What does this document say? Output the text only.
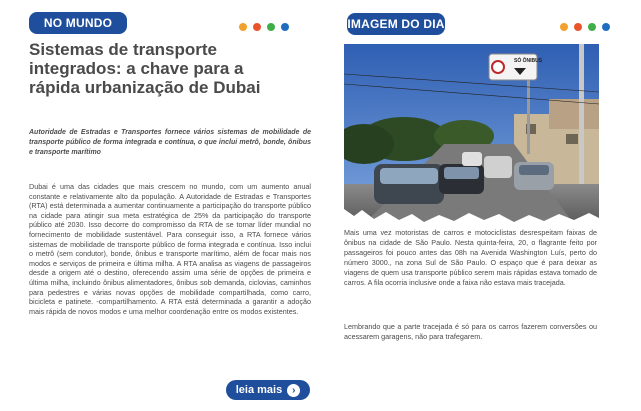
NO MUNDO
Sistemas de transporte integrados: a chave para a rápida urbanização de Dubai

Autoridade de Estradas e Transportes fornece vários sistemas de mobilidade de transporte público de forma integrada e contínua, o que inclui metrô, bonde, ônibus e transporte marítimo

Dubai é uma das cidades que mais crescem no mundo, com um aumento anual constante e relativamente alto da população. A Autoridade de Estradas e Transportes (RTA) está determinada a aumentar continuamente a participação do transporte público na cidade para atingir sua meta estratégica de 25% da participação do transporte público até 2030. Isso decorre do compromisso da RTA de se tornar líder mundial no fornecimento de mobilidade sustentável. Para conseguir isso, a RTA fornece vários sistemas de mobilidade de transporte público de forma integrada e contínua. Isso inclui o metrô (sem condutor), bonde, ônibus e transporte marítimo, além de focar mais nos modos e serviços de primeira e última milha. A RTA analisa as viagens de passageiros desde a origem até o destino, oferecendo assim uma série de opções de primeira e última milha, incluindo ônibus alimentadores, ônibus sob demanda, ciclovias, caminhos para pedestres e várias novas opções de mobilidade compartilhada, como carro, bicicleta e patinete. -compartilhamento. A RTA está determinada a garantir a adoção mais rápida de novos modos e uma melhor coordenação entre os modos existentes.

leia mais ›
IMAGEM DO DIA
SÓ ÔNIBUS

Mais uma vez motoristas de carros e motociclistas desrespeitam faixas de ônibus na cidade de São Paulo. Nesta quinta-feira, 20, o flagrante feito por passageiros foi pouco antes das 08h na Avenida Washington Luís, perto do número 3000., na zona Sul de São Paulo. O espaço que é para deixar as viagens de quem usa transporte público serem mais rápidas estava tomado de carros. A fila ocorria inclusive onde a faixa não estava mais tracejada.

Lembrando que a parte tracejada é só para os carros fazerem conversões ou acessarem garagens, não para trafegarem.
